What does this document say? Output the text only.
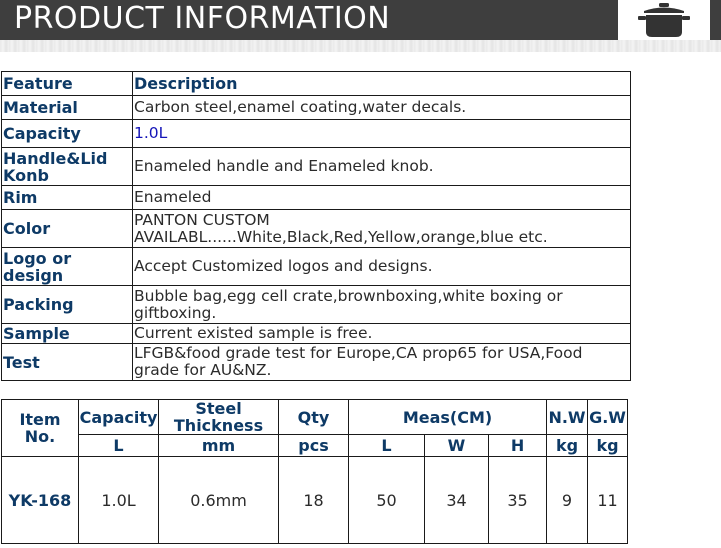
PRODUCT INFORMATION
Feature	Description
Material	Carbon steel,enamel coating,water decals.
Capacity	1.0L
Handle&Lid Konb	Enameled handle and Enameled knob.
Rim	Enameled
Color	PANTON CUSTOM AVAILABL......White,Black,Red,Yellow,orange,blue etc.
Logo or design	Accept Customized logos and designs.
Packing	Bubble bag,egg cell crate,brownboxing,white boxing or giftboxing.
Sample	Current existed sample is free.
Test	LFGB&food grade test for Europe,CA prop65 for USA,Food grade for AU&NZ.
Item No.	Capacity	Steel Thickness	Qty	Meas(CM)			N.W	G.W
	L	mm	pcs	L	W	H	kg	kg
YK-168	1.0L	0.6mm	18	50	34	35	9	11
